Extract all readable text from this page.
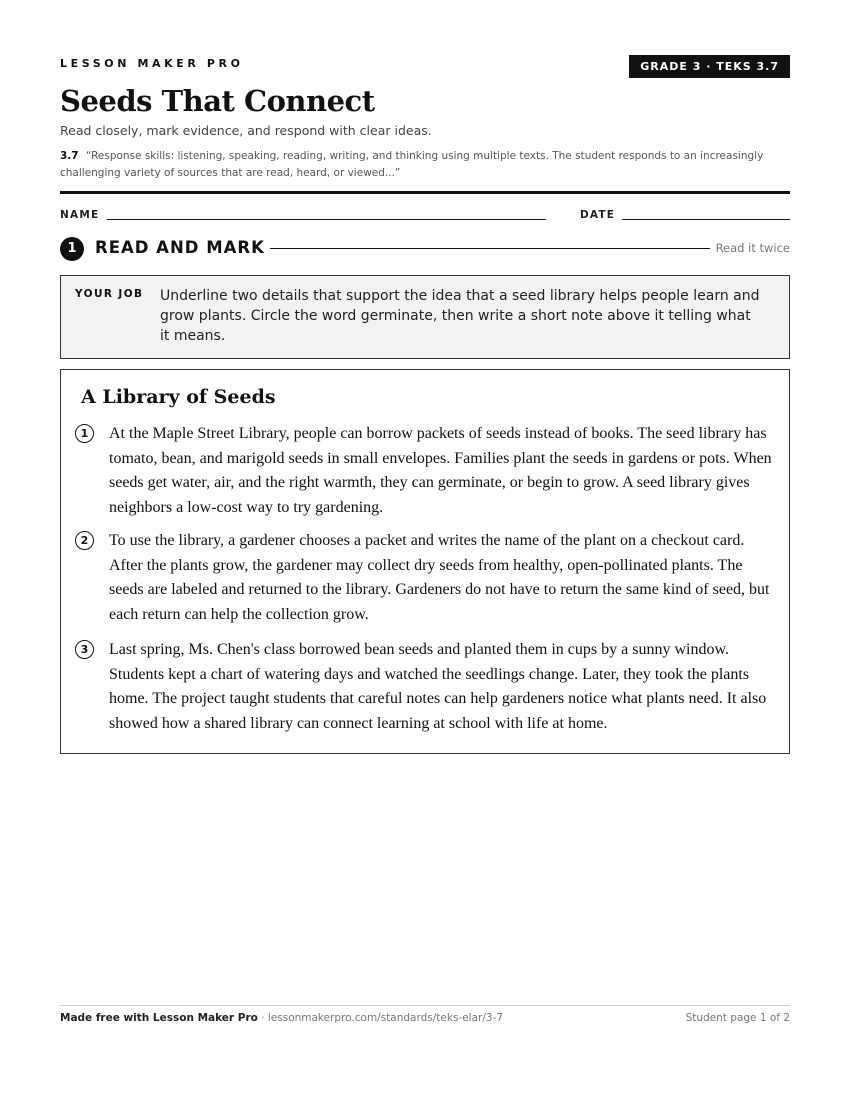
LESSON MAKER PRO	GRADE 3 · TEKS 3.7
Seeds That Connect
Read closely, mark evidence, and respond with clear ideas.
3.7 “Response skills: listening, speaking, reading, writing, and thinking using multiple texts. The student responds to an increasingly challenging variety of sources that are read, heard, or viewed...”
NAME	DATE
1	READ AND MARK	Read it twice
YOUR JOB Underline two details that support the idea that a seed library helps people learn and grow plants. Circle the word germinate, then write a short note above it telling what it means.
A Library of Seeds
1	At the Maple Street Library, people can borrow packets of seeds instead of books. The seed library has tomato, bean, and marigold seeds in small envelopes. Families plant the seeds in gardens or pots. When seeds get water, air, and the right warmth, they can germinate, or begin to grow. A seed library gives neighbors a low-cost way to try gardening.
2	To use the library, a gardener chooses a packet and writes the name of the plant on a checkout card. After the plants grow, the gardener may collect dry seeds from healthy, open-pollinated plants. The seeds are labeled and returned to the library. Gardeners do not have to return the same kind of seed, but each return can help the collection grow.
3	Last spring, Ms. Chen's class borrowed bean seeds and planted them in cups by a sunny window. Students kept a chart of watering days and watched the seedlings change. Later, they took the plants home. The project taught students that careful notes can help gardeners notice what plants need. It also showed how a shared library can connect learning at school with life at home.
Made free with Lesson Maker Pro · lessonmakerpro.com/standards/teks-elar/3-7	Student page 1 of 2
